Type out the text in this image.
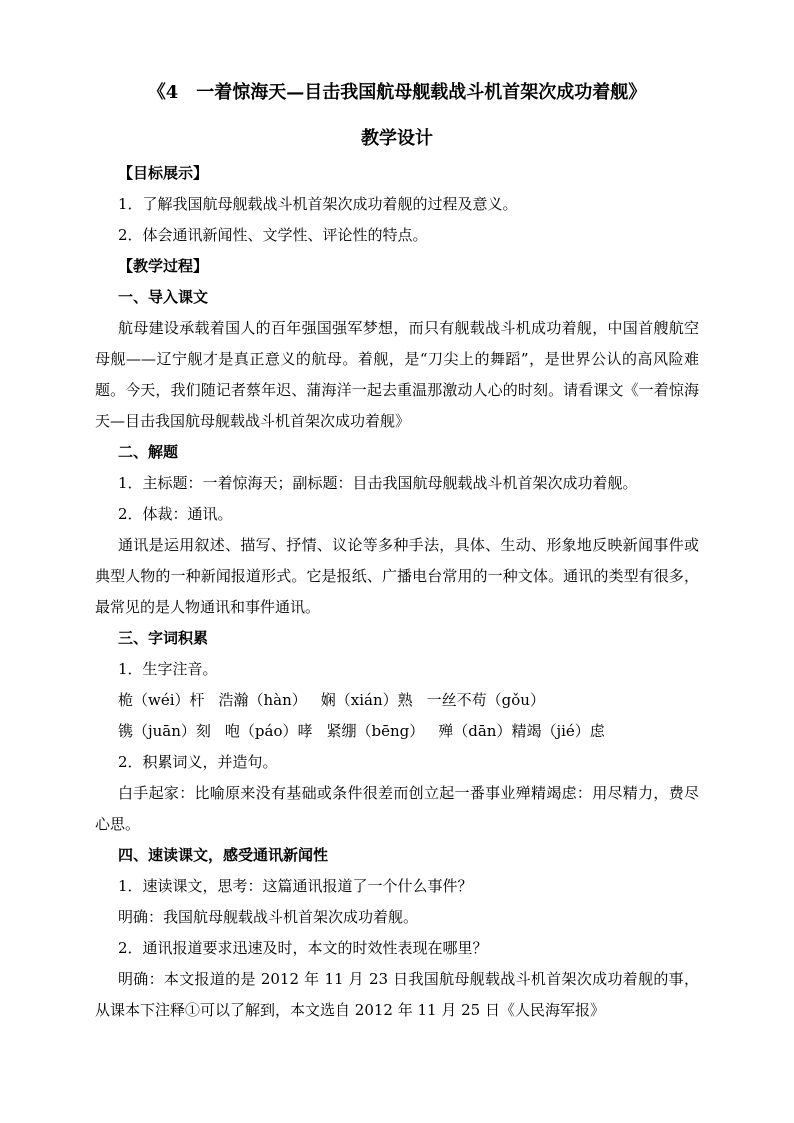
《4　一着惊海天—目击我国航母舰载战斗机首架次成功着舰》
教学设计
【目标展示】
1．了解我国航母舰载战斗机首架次成功着舰的过程及意义。
2．体会通讯新闻性、文学性、评论性的特点。
【教学过程】
一、导入课文
航母建设承载着国人的百年强国强军梦想，而只有舰载战斗机成功着舰，中国首艘航空母舰——辽宁舰才是真正意义的航母。着舰，是“刀尖上的舞蹈”，是世界公认的高风险难题。今天，我们随记者蔡年迟、蒲海洋一起去重温那激动人心的时刻。请看课文《一着惊海天—目击我国航母舰载战斗机首架次成功着舰》
二、解题
1．主标题：一着惊海天；副标题：目击我国航母舰载战斗机首架次成功着舰。
2．体裁：通讯。
通讯是运用叙述、描写、抒情、议论等多种手法，具体、生动、形象地反映新闻事件或典型人物的一种新闻报道形式。它是报纸、广播电台常用的一种文体。通讯的类型有很多，最常见的是人物通讯和事件通讯。
三、字词积累
1．生字注音。
桅（wéi）杆 浩瀚（hàn） 娴（xián）熟 一丝不苟（gǒu）
镌（juān）刻 咆（páo）哮 紧绷（bēng） 殚（dān）精竭（jié）虑
2．积累词义，并造句。
白手起家：比喻原来没有基础或条件很差而创立起一番事业殚精竭虑：用尽精力，费尽心思。
四、速读课文，感受通讯新闻性
1．速读课文，思考：这篇通讯报道了一个什么事件？
明确：我国航母舰载战斗机首架次成功着舰。
2．通讯报道要求迅速及时，本文的时效性表现在哪里？
明确：本文报道的是 2012 年 11 月 23 日我国航母舰载战斗机首架次成功着舰的事，从课本下注释①可以了解到，本文选自 2012 年 11 月 25 日《人民海军报》
